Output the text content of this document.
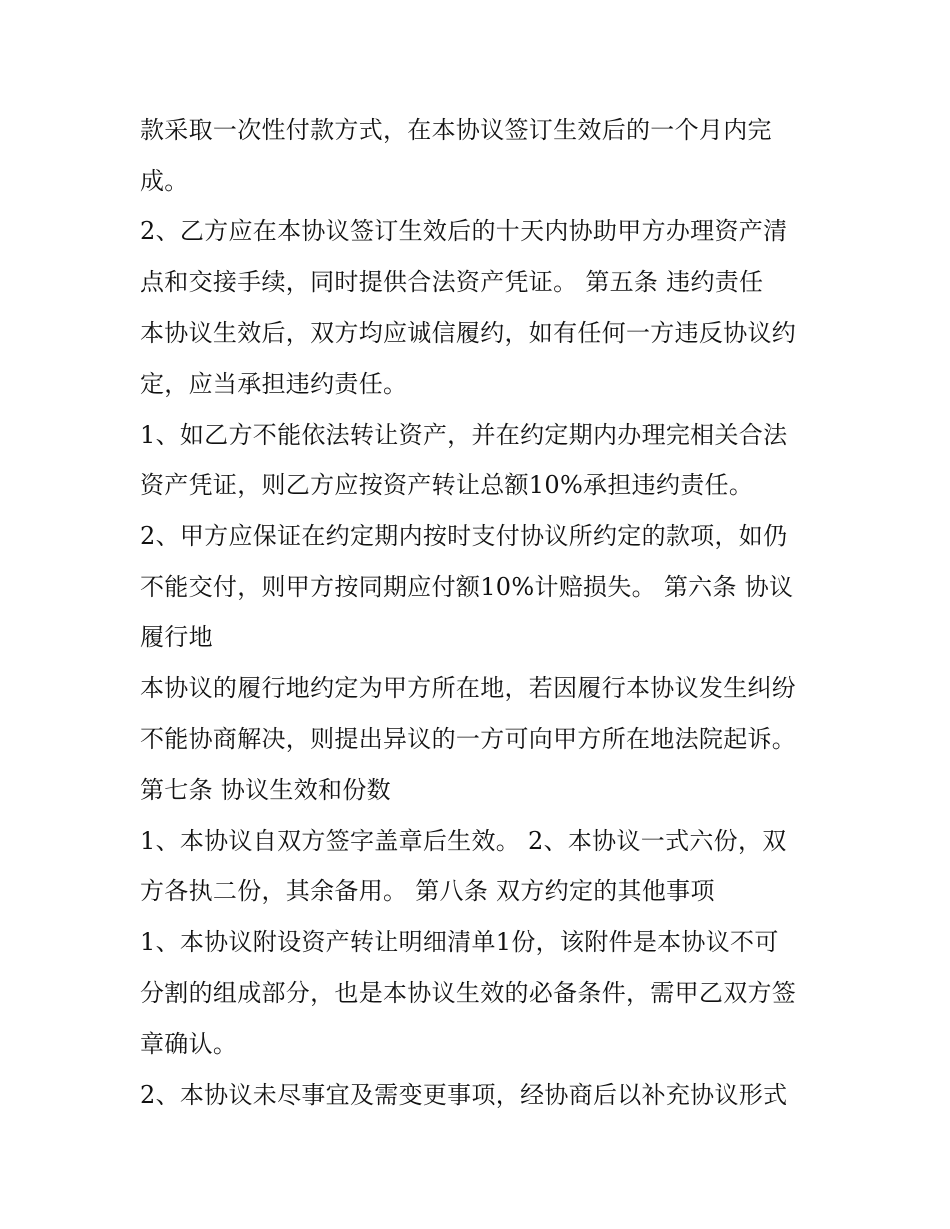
款采取一次性付款方式，在本协议签订生效后的一个月内完
成。
2、乙方应在本协议签订生效后的十天内协助甲方办理资产清
点和交接手续，同时提供合法资产凭证。 第五条 违约责任
本协议生效后，双方均应诚信履约，如有任何一方违反协议约
定，应当承担违约责任。
1、如乙方不能依法转让资产，并在约定期内办理完相关合法
资产凭证，则乙方应按资产转让总额10%承担违约责任。
2、甲方应保证在约定期内按时支付协议所约定的款项，如仍
不能交付，则甲方按同期应付额10%计赔损失。 第六条 协议
履行地
本协议的履行地约定为甲方所在地，若因履行本协议发生纠纷
不能协商解决，则提出异议的一方可向甲方所在地法院起诉。
第七条 协议生效和份数
1、本协议自双方签字盖章后生效。 2、本协议一式六份，双
方各执二份，其余备用。 第八条 双方约定的其他事项
1、本协议附设资产转让明细清单1份，该附件是本协议不可
分割的组成部分，也是本协议生效的必备条件，需甲乙双方签
章确认。
2、本协议未尽事宜及需变更事项，经协商后以补充协议形式
